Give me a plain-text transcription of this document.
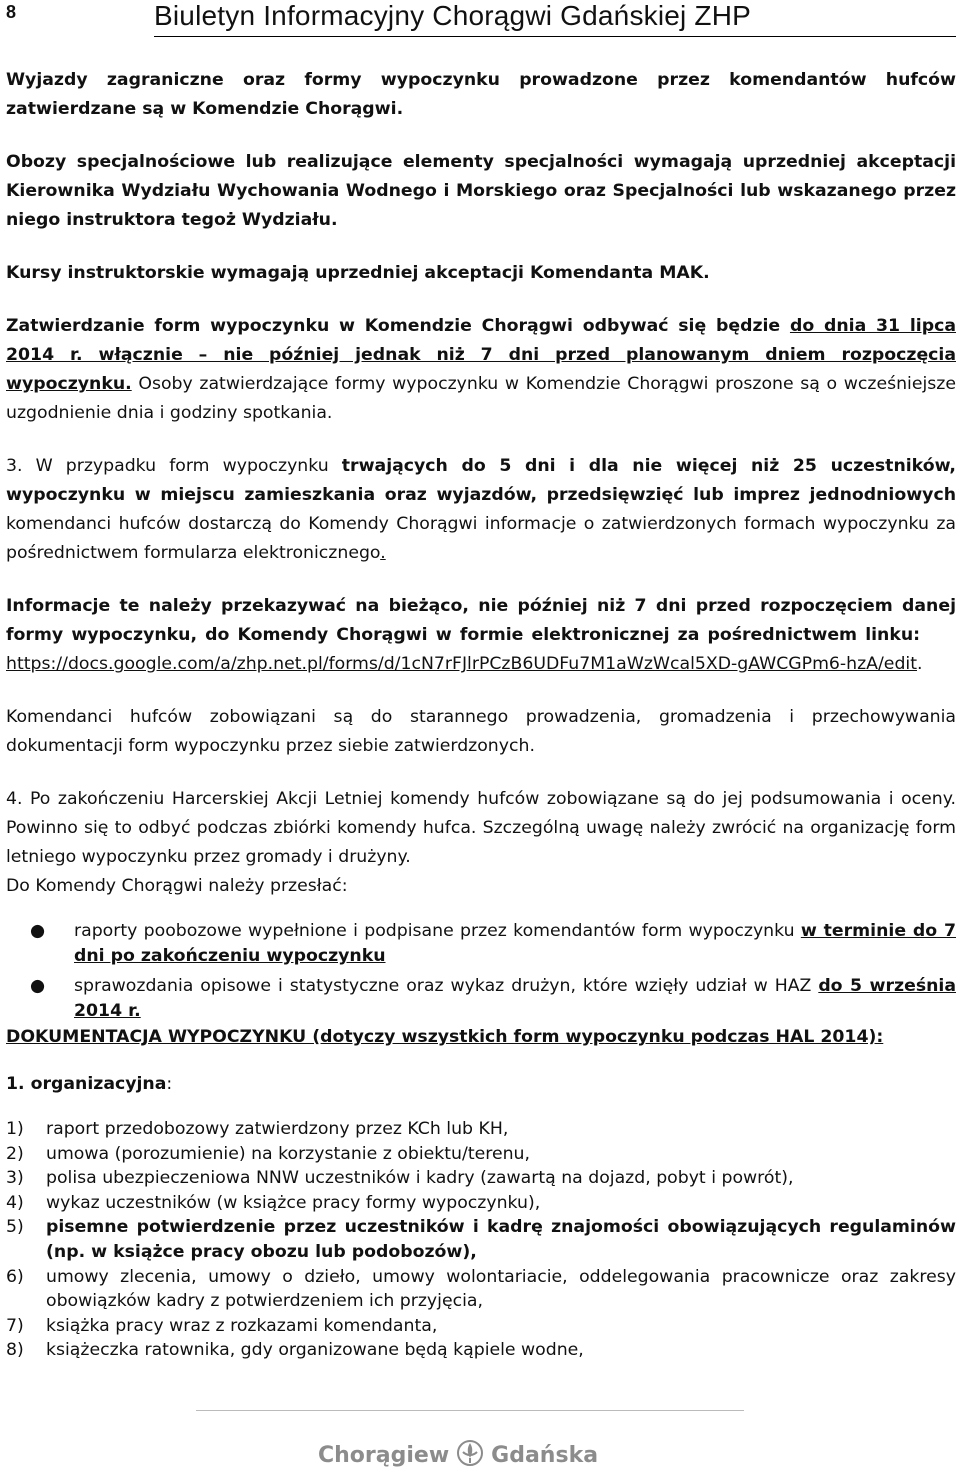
8	Biuletyn Informacyjny Chorągwi Gdańskiej ZHP

Wyjazdy zagraniczne oraz formy wypoczynku prowadzone przez komendantów hufców zatwierdzane są w Komendzie Chorągwi.

Obozy specjalnościowe lub realizujące elementy specjalności wymagają uprzedniej akceptacji Kierownika Wydziału Wychowania Wodnego i Morskiego oraz Specjalności lub wskazanego przez niego instruktora tegoż Wydziału.

Kursy instruktorskie wymagają uprzedniej akceptacji Komendanta MAK.

Zatwierdzanie form wypoczynku w Komendzie Chorągwi odbywać się będzie do dnia 31 lipca 2014 r. włącznie – nie później jednak niż 7 dni przed planowanym dniem rozpoczęcia wypoczynku. Osoby zatwierdzające formy wypoczynku w Komendzie Chorągwi proszone są o wcześniejsze uzgodnienie dnia i godziny spotkania.

3. W przypadku form wypoczynku trwających do 5 dni i dla nie więcej niż 25 uczestników, wypoczynku w miejscu zamieszkania oraz wyjazdów, przedsięwzięć lub imprez jednodniowych komendanci hufców dostarczą do Komendy Chorągwi informacje o zatwierdzonych formach wypoczynku za pośrednictwem formularza elektronicznego.

Informacje te należy przekazywać na bieżąco, nie później niż 7 dni przed rozpoczęciem danej formy wypoczynku, do Komendy Chorągwi w formie elektronicznej za pośrednictwem linku:      https://docs.google.com/a/zhp.net.pl/forms/d/1cN7rFJlrPCzB6UDFu7M1aWzWcal5XD-gAWCGPm6-hzA/edit.

Komendanci hufców zobowiązani są do starannego prowadzenia, gromadzenia i przechowywania dokumentacji form wypoczynku przez siebie zatwierdzonych.

4. Po zakończeniu Harcerskiej Akcji Letniej komendy hufców zobowiązane są do jej podsumowania i oceny. Powinno się to odbyć podczas zbiórki komendy hufca. Szczególną uwagę należy zwrócić na organizację form letniego wypoczynku przez gromady i drużyny.

Do Komendy Chorągwi należy przesłać:

● raporty poobozowe wypełnione i podpisane przez komendantów form wypoczynku w terminie do 7 dni po zakończeniu wypoczynku
● sprawozdania opisowe i statystyczne oraz wykaz drużyn, które wzięły udział w HAZ do 5 września 2014 r.

DOKUMENTACJA WYPOCZYNKU (dotyczy wszystkich form wypoczynku podczas HAL 2014):

1. organizacyjna:

1) raport przedobozowy zatwierdzony przez KCh lub KH,
2) umowa (porozumienie) na korzystanie z obiektu/terenu,
3) polisa ubezpieczeniowa NNW uczestników i kadry (zawartą na dojazd, pobyt i powrót),
4) wykaz uczestników (w książce pracy formy wypoczynku),
5) pisemne potwierdzenie przez uczestników i kadrę znajomości obowiązujących regulaminów (np. w książce pracy obozu lub podobozów),
6) umowy zlecenia, umowy o dzieło, umowy wolontariacie, oddelegowania pracownicze oraz zakresy obowiązków kadry z potwierdzeniem ich przyjęcia,
7) książka pracy wraz z rozkazami komendanta,
8) książeczka ratownika, gdy organizowane będą kąpiele wodne,
Chorągiew Gdańska
